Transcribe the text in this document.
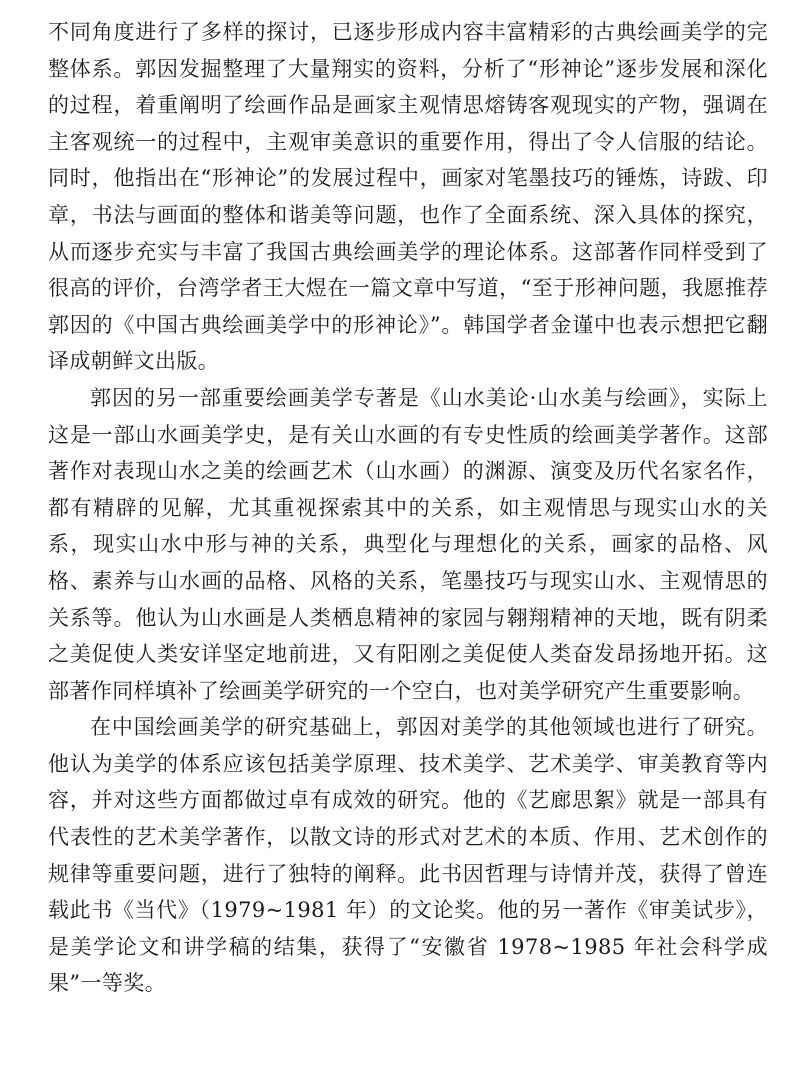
不同角度进行了多样的探讨，已逐步形成内容丰富精彩的古典绘画美学的完整体系。郭因发掘整理了大量翔实的资料，分析了“形神论”逐步发展和深化的过程，着重阐明了绘画作品是画家主观情思熔铸客观现实的产物，强调在主客观统一的过程中，主观审美意识的重要作用，得出了令人信服的结论。同时，他指出在“形神论”的发展过程中，画家对笔墨技巧的锤炼，诗跋、印章，书法与画面的整体和谐美等问题，也作了全面系统、深入具体的探究，从而逐步充实与丰富了我国古典绘画美学的理论体系。这部著作同样受到了很高的评价，台湾学者王大煜在一篇文章中写道，“至于形神问题，我愿推荐郭因的《中国古典绘画美学中的形神论》”。韩国学者金谨中也表示想把它翻译成朝鲜文出版。

郭因的另一部重要绘画美学专著是《山水美论·山水美与绘画》，实际上这是一部山水画美学史，是有关山水画的有专史性质的绘画美学著作。这部著作对表现山水之美的绘画艺术（山水画）的渊源、演变及历代名家名作，都有精辟的见解，尤其重视探索其中的关系，如主观情思与现实山水的关系，现实山水中形与神的关系，典型化与理想化的关系，画家的品格、风格、素养与山水画的品格、风格的关系，笔墨技巧与现实山水、主观情思的关系等。他认为山水画是人类栖息精神的家园与翱翔精神的天地，既有阴柔之美促使人类安详坚定地前进，又有阳刚之美促使人类奋发昂扬地开拓。这部著作同样填补了绘画美学研究的一个空白，也对美学研究产生重要影响。

在中国绘画美学的研究基础上，郭因对美学的其他领域也进行了研究。他认为美学的体系应该包括美学原理、技术美学、艺术美学、审美教育等内容，并对这些方面都做过卓有成效的研究。他的《艺廊思絮》就是一部具有代表性的艺术美学著作，以散文诗的形式对艺术的本质、作用、艺术创作的规律等重要问题，进行了独特的阐释。此书因哲理与诗情并茂，获得了曾连载此书《当代》（1979~1981 年）的文论奖。他的另一著作《审美试步》，是美学论文和讲学稿的结集，获得了“安徽省 1978~1985 年社会科学成果”一等奖。
